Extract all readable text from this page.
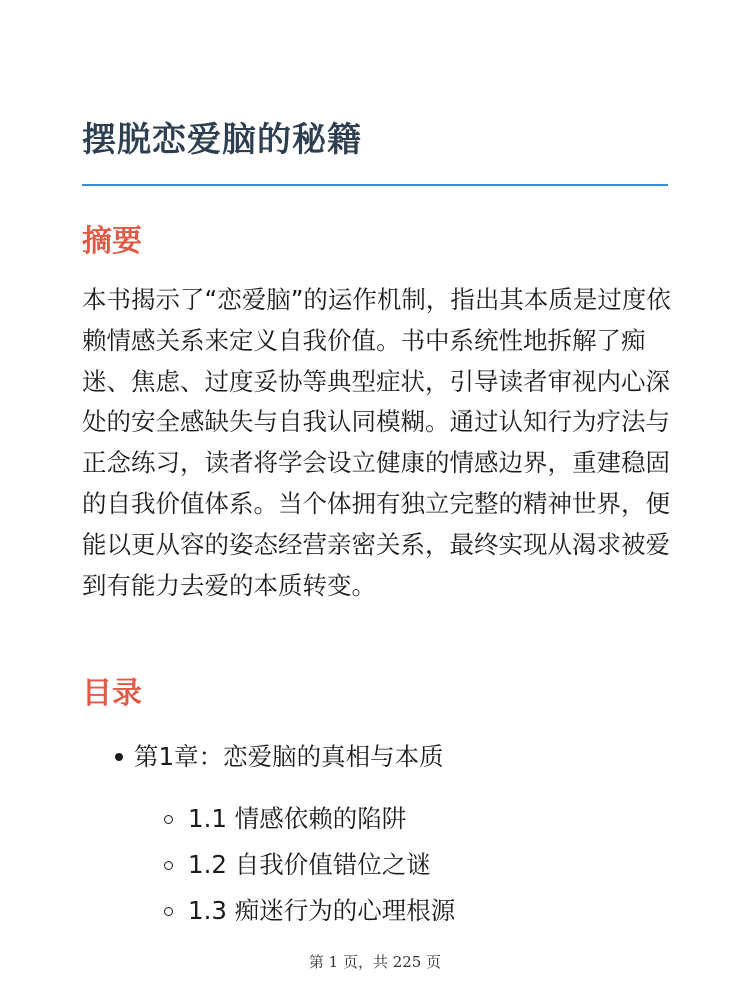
摆脱恋爱脑的秘籍
摘要

本书揭示了“恋爱脑”的运作机制，指出其本质是过度依赖情感关系来定义自我价值。书中系统性地拆解了痴迷、焦虑、过度妥协等典型症状，引导读者审视内心深处的安全感缺失与自我认同模糊。通过认知行为疗法与正念练习，读者将学会设立健康的情感边界，重建稳固的自我价值体系。当个体拥有独立完整的精神世界，便能以更从容的姿态经营亲密关系，最终实现从渴求被爱到有能力去爱的本质转变。

目录
第1章：恋爱脑的真相与本质
1.1 情感依赖的陷阱
1.2 自我价值错位之谜
1.3 痴迷行为的心理根源
第 1 页，共 225 页
